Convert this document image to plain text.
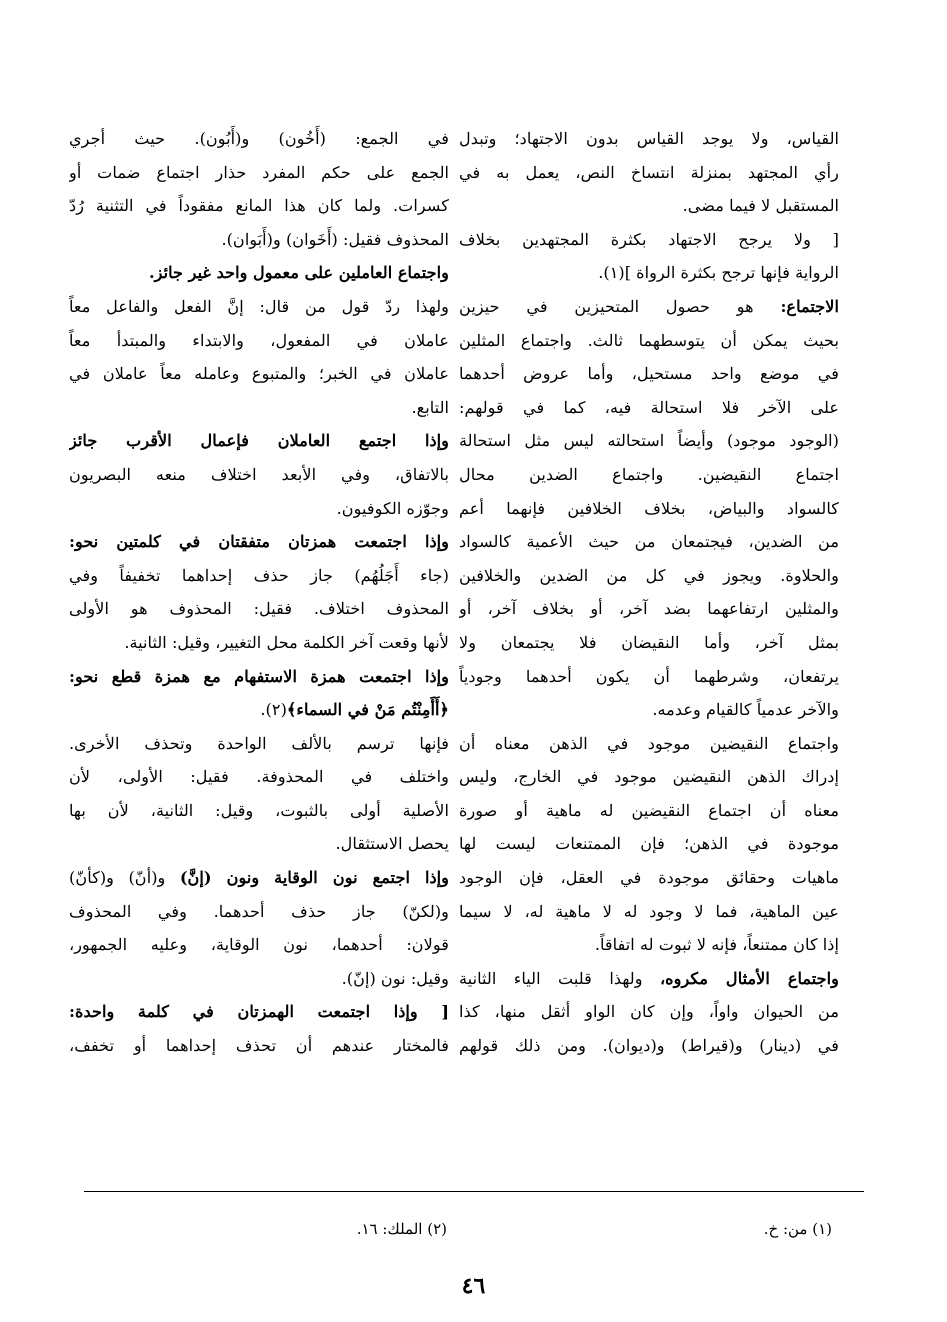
القياس، ولا يوجد القياس بدون الاجتهاد؛ وتبدل
رأي المجتهد بمنزلة انتساخ النص، يعمل به في
المستقبل لا فيما مضى.
[ ولا يرجح الاجتهاد بكثرة المجتهدين بخلاف
الرواية فإنها ترجح بكثرة الرواة ](١).
الاجتماع: هو حصول المتحيزين في حيزين
بحيث يمكن أن يتوسطهما ثالث. واجتماع المثلين
في موضع واحد مستحيل، وأما عروض أحدهما
على الآخر فلا استحالة فيه، كما في قولهم:
(الوجود موجود) وأيضاً استحالته ليس مثل استحالة
اجتماع النقيضين. واجتماع الضدين محال
كالسواد والبياض، بخلاف الخلافين فإنهما أعم
من الضدين، فيجتمعان من حيث الأعمية كالسواد
والحلاوة. ويجوز في كل من الضدين والخلافين
والمثلين ارتفاعهما بضد آخر، أو بخلاف آخر، أو
بمثل آخر، وأما النقيضان فلا يجتمعان ولا
يرتفعان، وشرطهما أن يكون أحدهما وجودياً
والآخر عدمياً كالقيام وعدمه.
واجتماع النقيضين موجود في الذهن معناه أن
إدراك الذهن النقيضين موجود في الخارج، وليس
معناه أن اجتماع النقيضين له ماهية أو صورة
موجودة في الذهن؛ فإن الممتنعات ليست لها
ماهيات وحقائق موجودة في العقل، فإن الوجود
عين الماهية، فما لا وجود له لا ماهية له، لا سيما
إذا كان ممتنعاً، فإنه لا ثبوت له اتفاقاً.
واجتماع الأمثال مكروه، ولهذا قلبت الياء الثانية
من الحيوان واواً، وإن كان الواو أثقل منها، كذا
في (دينار) و(قيراط) و(ديوان). ومن ذلك قولهم
في الجمع: (أَخُون) و(أَبُون). حيث أجري
الجمع على حكم المفرد حذار اجتماع ضمات أو
كسرات. ولما كان هذا المانع مفقوداً في التثنية رُدّ
المحذوف فقيل: (أَخَوان) و(أَبَوان).
واجتماع العاملين على معمول واحد غير جائز.
ولهذا ردّ قول من قال: إنَّ الفعل والفاعل معاً
عاملان في المفعول، والابتداء والمبتدأ معاً
عاملان في الخبر؛ والمتبوع وعامله معاً عاملان في
التابع.
وإذا اجتمع العاملان فإعمال الأقرب جائز
بالاتفاق، وفي الأبعد اختلاف منعه البصريون
وجوّزه الكوفيون.
وإذا اجتمعت همزتان متفقتان في كلمتين نحو:
(جاء أَجَلُهُم) جاز حذف إحداهما تخفيفاً وفي
المحذوف اختلاف. فقيل: المحذوف هو الأولى
لأنها وقعت آخر الكلمة محل التغيير، وقيل: الثانية.
وإذا اجتمعت همزة الاستفهام مع همزة قطع نحو:
﴿أَأَمِنْتُم مَنْ في السماء﴾(٢).
فإنها ترسم بالألف الواحدة وتحذف الأخرى.
واختلف في المحذوفة. فقيل: الأولى، لأن
الأصلية أولى بالثبوت، وقيل: الثانية، لأن بها
يحصل الاستثقال.
وإذا اجتمع نون الوقاية ونون (إنَّ) و(أنّ) و(كأنّ)
و(لكنّ) جاز حذف أحدهما. وفي المحذوف
قولان: أحدهما، نون الوقاية، وعليه الجمهور،
وقيل: نون (إنّ).
[ وإذا اجتمعت الهمزتان في كلمة واحدة:
فالمختار عندهم أن تحذف إحداهما أو تخفف،
(١) من: خ.
(٢) الملك: ١٦.
٤٦
